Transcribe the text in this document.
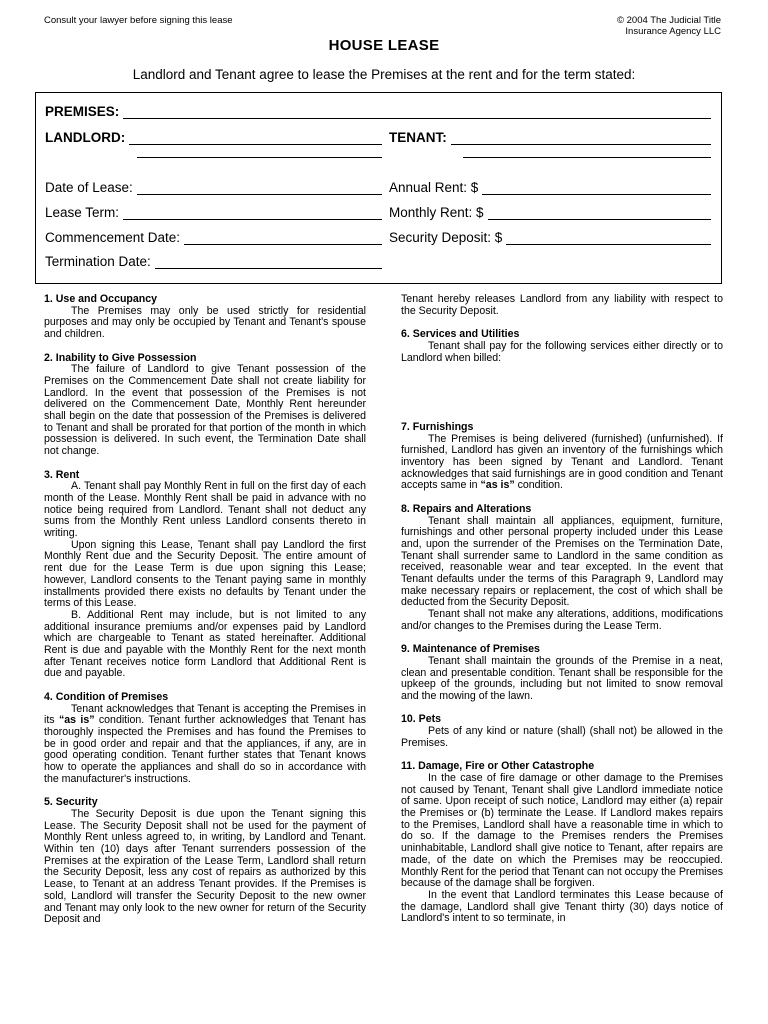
Consult your lawyer before signing this lease	© 2004 The Judicial Title
Insurance Agency LLC
HOUSE LEASE
Landlord and Tenant agree to lease the Premises at the rent and for the term stated:
PREMISES:
LANDLORD:	TENANT:
Date of Lease:	Annual Rent: $
Lease Term:	Monthly Rent: $
Commencement Date:	Security Deposit: $
Termination Date:
1. Use and Occupancy

The Premises may only be used strictly for residential purposes and may only be occupied by Tenant and Tenant's spouse and children.

2. Inability to Give Possession

The failure of Landlord to give Tenant possession of the Premises on the Commencement Date shall not create liability for Landlord. In the event that possession of the Premises is not delivered on the Commencement Date, Monthly Rent hereunder shall begin on the date that possession of the Premises is delivered to Tenant and shall be prorated for that portion of the month in which possession is delivered. In such event, the Termination Date shall not change.

3. Rent

A. Tenant shall pay Monthly Rent in full on the first day of each month of the Lease. Monthly Rent shall be paid in advance with no notice being required from Landlord. Tenant shall not deduct any sums from the Monthly Rent unless Landlord consents thereto in writing.

Upon signing this Lease, Tenant shall pay Landlord the first Monthly Rent due and the Security Deposit. The entire amount of rent due for the Lease Term is due upon signing this Lease; however, Landlord consents to the Tenant paying same in monthly installments provided there exists no defaults by Tenant under the terms of this Lease.

B. Additional Rent may include, but is not limited to any additional insurance premiums and/or expenses paid by Landlord which are chargeable to Tenant as stated hereinafter. Additional Rent is due and payable with the Monthly Rent for the next month after Tenant receives notice form Landlord that Additional Rent is due and payable.

4. Condition of Premises

Tenant acknowledges that Tenant is accepting the Premises in its “as is” condition. Tenant further acknowledges that Tenant has thoroughly inspected the Premises and has found the Premises to be in good order and repair and that the appliances, if any, are in good operating condition. Tenant further states that Tenant knows how to operate the appliances and shall do so in accordance with the manufacturer's instructions.

5. Security

The Security Deposit is due upon the Tenant signing this Lease. The Security Deposit shall not be used for the payment of Monthly Rent unless agreed to, in writing, by Landlord and Tenant. Within ten (10) days after Tenant surrenders possession of the Premises at the expiration of the Lease Term, Landlord shall return the Security Deposit, less any cost of repairs as authorized by this Lease, to Tenant at an address Tenant provides. If the Premises is sold, Landlord will transfer the Security Deposit to the new owner and Tenant may only look to the new owner for return of the Security Deposit and

Tenant hereby releases Landlord from any liability with respect to the Security Deposit.

6. Services and Utilities

Tenant shall pay for the following services either directly or to Landlord when billed:

7. Furnishings

The Premises is being delivered (furnished) (unfurnished). If furnished, Landlord has given an inventory of the furnishings which inventory has been signed by Tenant and Landlord. Tenant acknowledges that said furnishings are in good condition and Tenant accepts same in “as is” condition.

8. Repairs and Alterations

Tenant shall maintain all appliances, equipment, furniture, furnishings and other personal property included under this Lease and, upon the surrender of the Premises on the Termination Date, Tenant shall surrender same to Landlord in the same condition as received, reasonable wear and tear excepted. In the event that Tenant defaults under the terms of this Paragraph 9, Landlord may make necessary repairs or replacement, the cost of which shall be deducted from the Security Deposit.

Tenant shall not make any alterations, additions, modifications and/or changes to the Premises during the Lease Term.

9. Maintenance of Premises

Tenant shall maintain the grounds of the Premise in a neat, clean and presentable condition. Tenant shall be responsible for the upkeep of the grounds, including but not limited to snow removal and the mowing of the lawn.

10. Pets

Pets of any kind or nature (shall) (shall not) be allowed in the Premises.

11. Damage, Fire or Other Catastrophe

In the case of fire damage or other damage to the Premises not caused by Tenant, Tenant shall give Landlord immediate notice of same. Upon receipt of such notice, Landlord may either (a) repair the Premises or (b) terminate the Lease. If Landlord makes repairs to the Premises, Landlord shall have a reasonable time in which to do so. If the damage to the Premises renders the Premises uninhabitable, Landlord shall give notice to Tenant, after repairs are made, of the date on which the Premises may be reoccupied. Monthly Rent for the period that Tenant can not occupy the Premises because of the damage shall be forgiven.

In the event that Landlord terminates this Lease because of the damage, Landlord shall give Tenant thirty (30) days notice of Landlord's intent to so terminate, in
